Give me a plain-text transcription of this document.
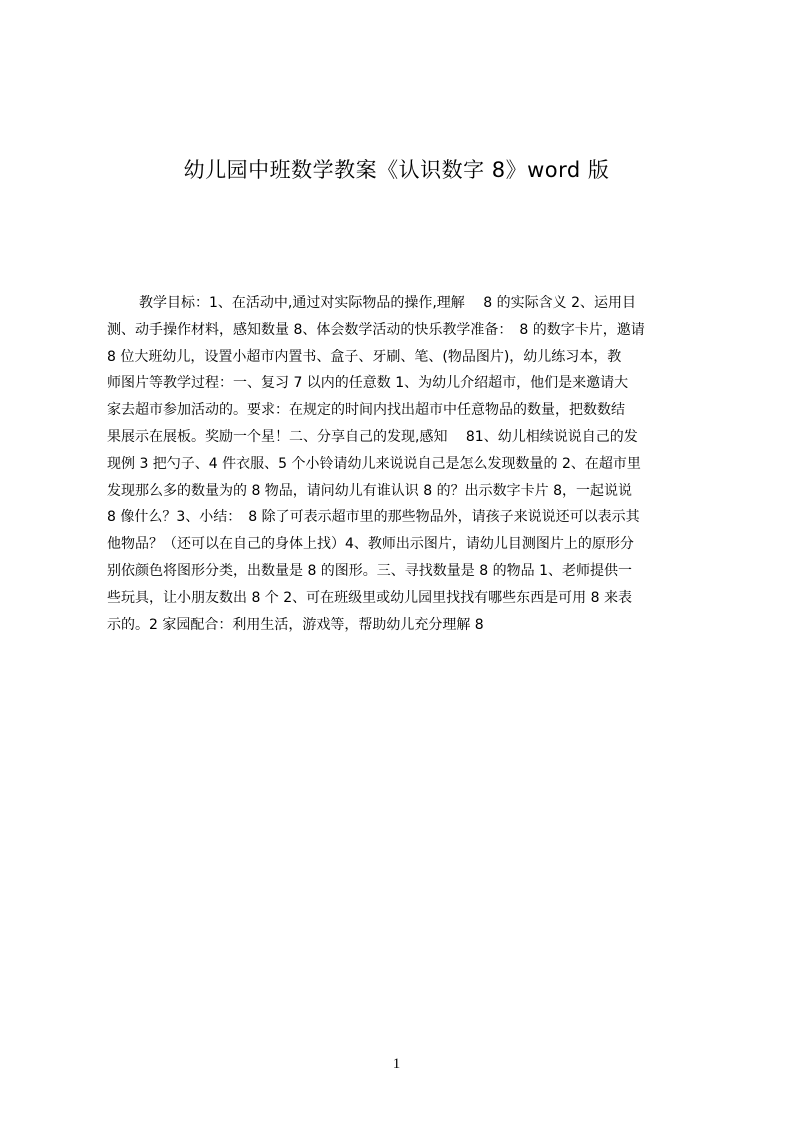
幼儿园中班数学教案《认识数字 8》word 版
教学目标：1、在活动中,通过对实际物品的操作,理解　 8 的实际含义 2、运用目
测、动手操作材料，感知数量 8、体会数学活动的快乐教学准备：　8 的数字卡片，邀请
8 位大班幼儿，设置小超市内置书、盒子、牙刷、笔、(物品图片)，幼儿练习本，教
师图片等教学过程：一、复习 7 以内的任意数 1、为幼儿介绍超市，他们是来邀请大
家去超市参加活动的。要求：在规定的时间内找出超市中任意物品的数量，把数数结
果展示在展板。奖励一个星！二、分享自己的发现,感知　 81、幼儿相续说说自己的发
现例 3 把勺子、4 件衣服、5 个小铃请幼儿来说说自己是怎么发现数量的 2、在超市里
发现那么多的数量为的 8 物品，请问幼儿有谁认识 8 的？出示数字卡片 8，一起说说
8 像什么？3、小结：　8 除了可表示超市里的那些物品外，请孩子来说说还可以表示其
他物品？（还可以在自己的身体上找）4、教师出示图片，请幼儿目测图片上的原形分
别依颜色将图形分类，出数量是 8 的图形。三、寻找数量是 8 的物品 1、老师提供一
些玩具，让小朋友数出 8 个 2、可在班级里或幼儿园里找找有哪些东西是可用 8 来表
示的。2 家园配合：利用生活，游戏等，帮助幼儿充分理解 8
1
